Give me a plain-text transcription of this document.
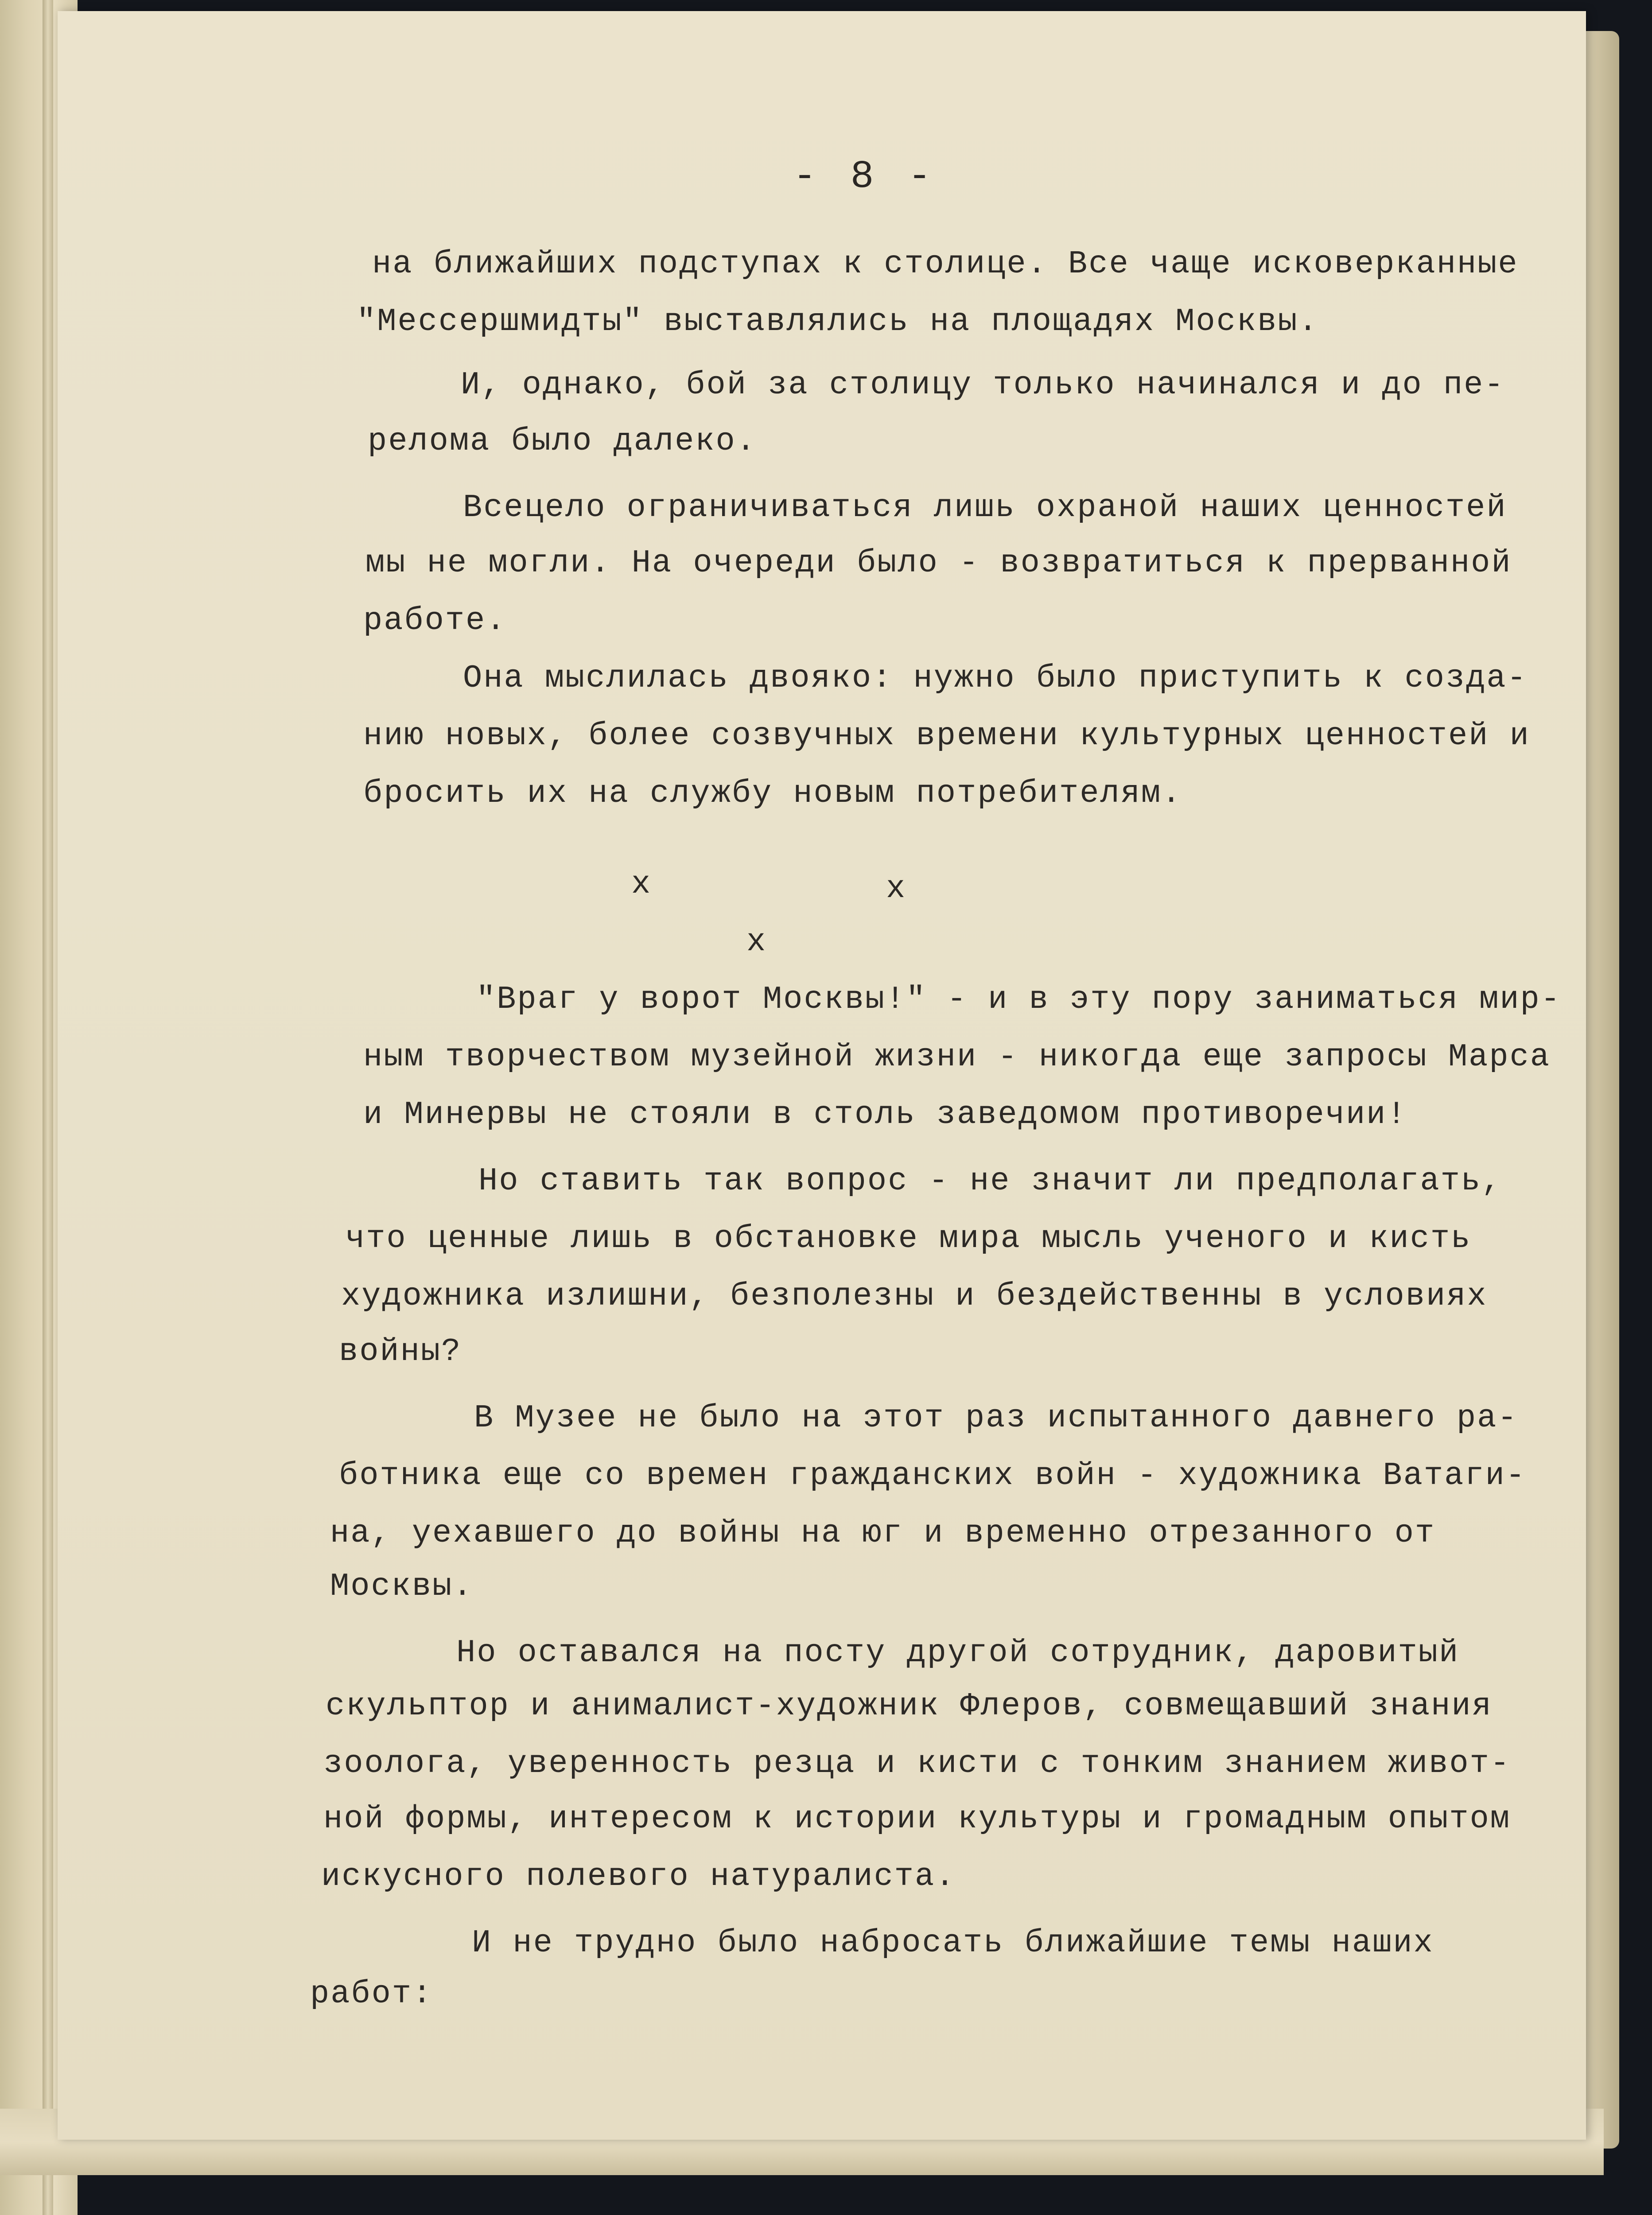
- 8 -
на ближайших подступах к столице. Все чаще исковерканные
"Мессершмидты" выставлялись на площадях Москвы.
И, однако, бой за столицу только начинался и до пе-
релома было далеко.
Всецело ограничиваться лишь охраной наших ценностей
мы не могли. На очереди было - возвратиться к прерванной
работе.
Она мыслилась двояко: нужно было приступить к созда-
нию новых, более созвучных времени культурных ценностей и
бросить их на службу новым потребителям.
х	х
х
"Враг у ворот Москвы!" - и в эту пору заниматься мир-
ным творчеством музейной жизни - никогда еще запросы Марса
и Минервы не стояли в столь заведомом противоречии!
Но ставить так вопрос - не значит ли предполагать,
что ценные лишь в обстановке мира мысль ученого и кисть
художника излишни, безполезны и бездейственны в условиях
войны?
В Музее не было на этот раз испытанного давнего ра-
ботника еще со времен гражданских войн - художника Ватаги-
на, уехавшего до войны на юг и временно отрезанного от
Москвы.
Но оставался на посту другой сотрудник, даровитый
скульптор и анималист-художник Флеров, совмещавший знания
зоолога, уверенность резца и кисти с тонким знанием живот-
ной формы, интересом к истории культуры и громадным опытом
искусного полевого натуралиста.
И не трудно было набросать ближайшие темы наших
работ:
